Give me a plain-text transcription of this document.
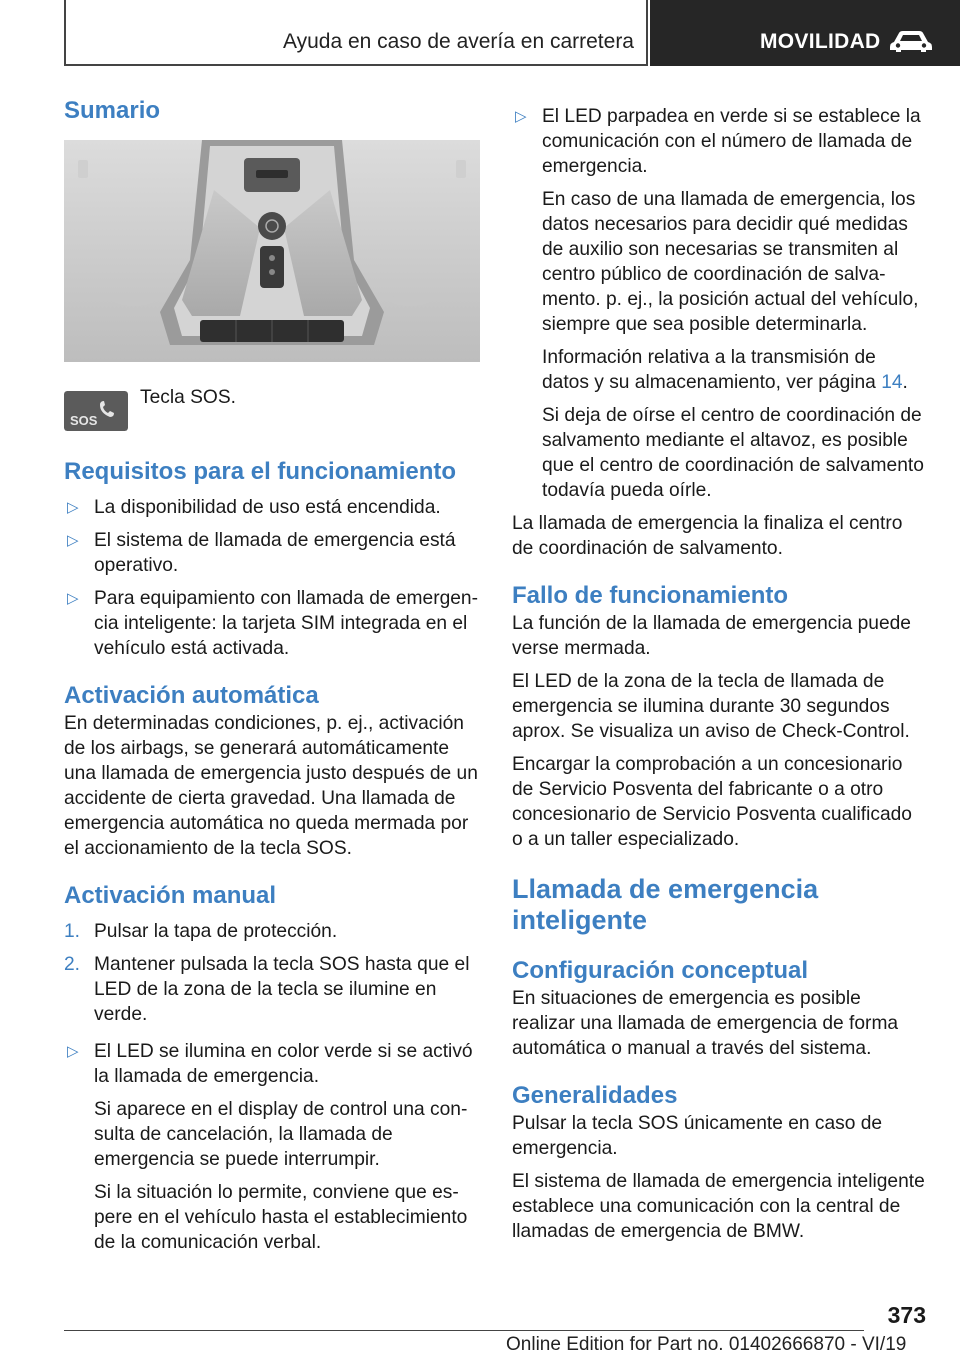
Ayuda en caso de avería en carretera	MOVILIDAD
Sumario
SOS
Tecla SOS.
Requisitos para el funcionamiento
▷ La disponibilidad de uso está encendida.
▷ El sistema de llamada de emergencia está operativo.
▷ Para equipamiento con llamada de emergencia inteligente: la tarjeta SIM integrada en el vehículo está activada.
Activación automática

En determinadas condiciones, p. ej., activación de los airbags, se generará automáticamente una llamada de emergencia justo después de un accidente de cierta gravedad. Una llamada de emergencia automática no queda mermada por el accionamiento de la tecla SOS.

Activación manual
1. Pulsar la tapa de protección.
2. Mantener pulsada la tecla SOS hasta que el LED de la zona de la tecla se ilumine en verde.
▷ El LED se ilumina en color verde si se activó la llamada de emergencia.
Si aparece en el display de control una consulta de cancelación, la llamada de emergencia se puede interrumpir.
Si la situación lo permite, conviene que espere en el vehículo hasta el establecimiento de la comunicación verbal.
▷ El LED parpadea en verde si se establece la comunicación con el número de llamada de emergencia.
En caso de una llamada de emergencia, los datos necesarios para decidir qué medidas de auxilio son necesarias se transmiten al centro público de coordinación de salvamento. p. ej., la posición actual del vehículo, siempre que sea posible determinarla.
Información relativa a la transmisión de datos y su almacenamiento, ver página 14.
Si deja de oírse el centro de coordinación de salvamento mediante el altavoz, es posible que el centro de coordinación de salvamento todavía pueda oírle.

La llamada de emergencia la finaliza el centro de coordinación de salvamento.

Fallo de funcionamiento

La función de la llamada de emergencia puede verse mermada.

El LED de la zona de la tecla de llamada de emergencia se ilumina durante 30 segundos aprox. Se visualiza un aviso de Check-Control.

Encargar la comprobación a un concesionario de Servicio Posventa del fabricante o a otro concesionario de Servicio Posventa cualificado o a un taller especializado.

Llamada de emergencia inteligente
Configuración conceptual

En situaciones de emergencia es posible realizar una llamada de emergencia de forma automática o manual a través del sistema.

Generalidades

Pulsar la tecla SOS únicamente en caso de emergencia.

El sistema de llamada de emergencia inteligente establece una comunicación con la central de llamadas de emergencia de BMW.

373
Online Edition for Part no. 01402666870 - VI/19
